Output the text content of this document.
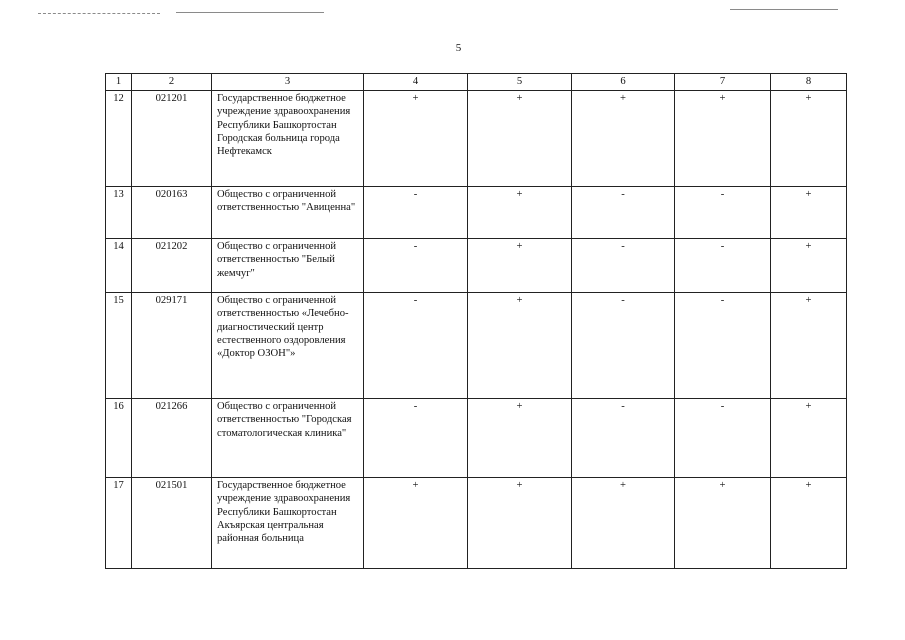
5
1	2	3	4	5	6	7	8
12	021201	Государственное бюджетное учреждение здравоохранения Республики Башкортостан Городская больница города Нефтекамск	+	+	+	+	+
13	020163	Общество с ограниченной ответственностью "Авиценна"	-	+	-	-	+
14	021202	Общество с ограниченной ответственностью "Белый жемчуг"	-	+	-	-	+
15	029171	Общество с ограниченной ответственностью «Лечебно-диагностический центр естественного оздоровления «Доктор ОЗОН"»	-	+	-	-	+
16	021266	Общество с ограниченной ответственностью "Городская стоматологическая клиника"	-	+	-	-	+
17	021501	Государственное бюджетное учреждение здравоохранения Республики Башкортостан Акъярская центральная районная больница	+	+	+	+	+
